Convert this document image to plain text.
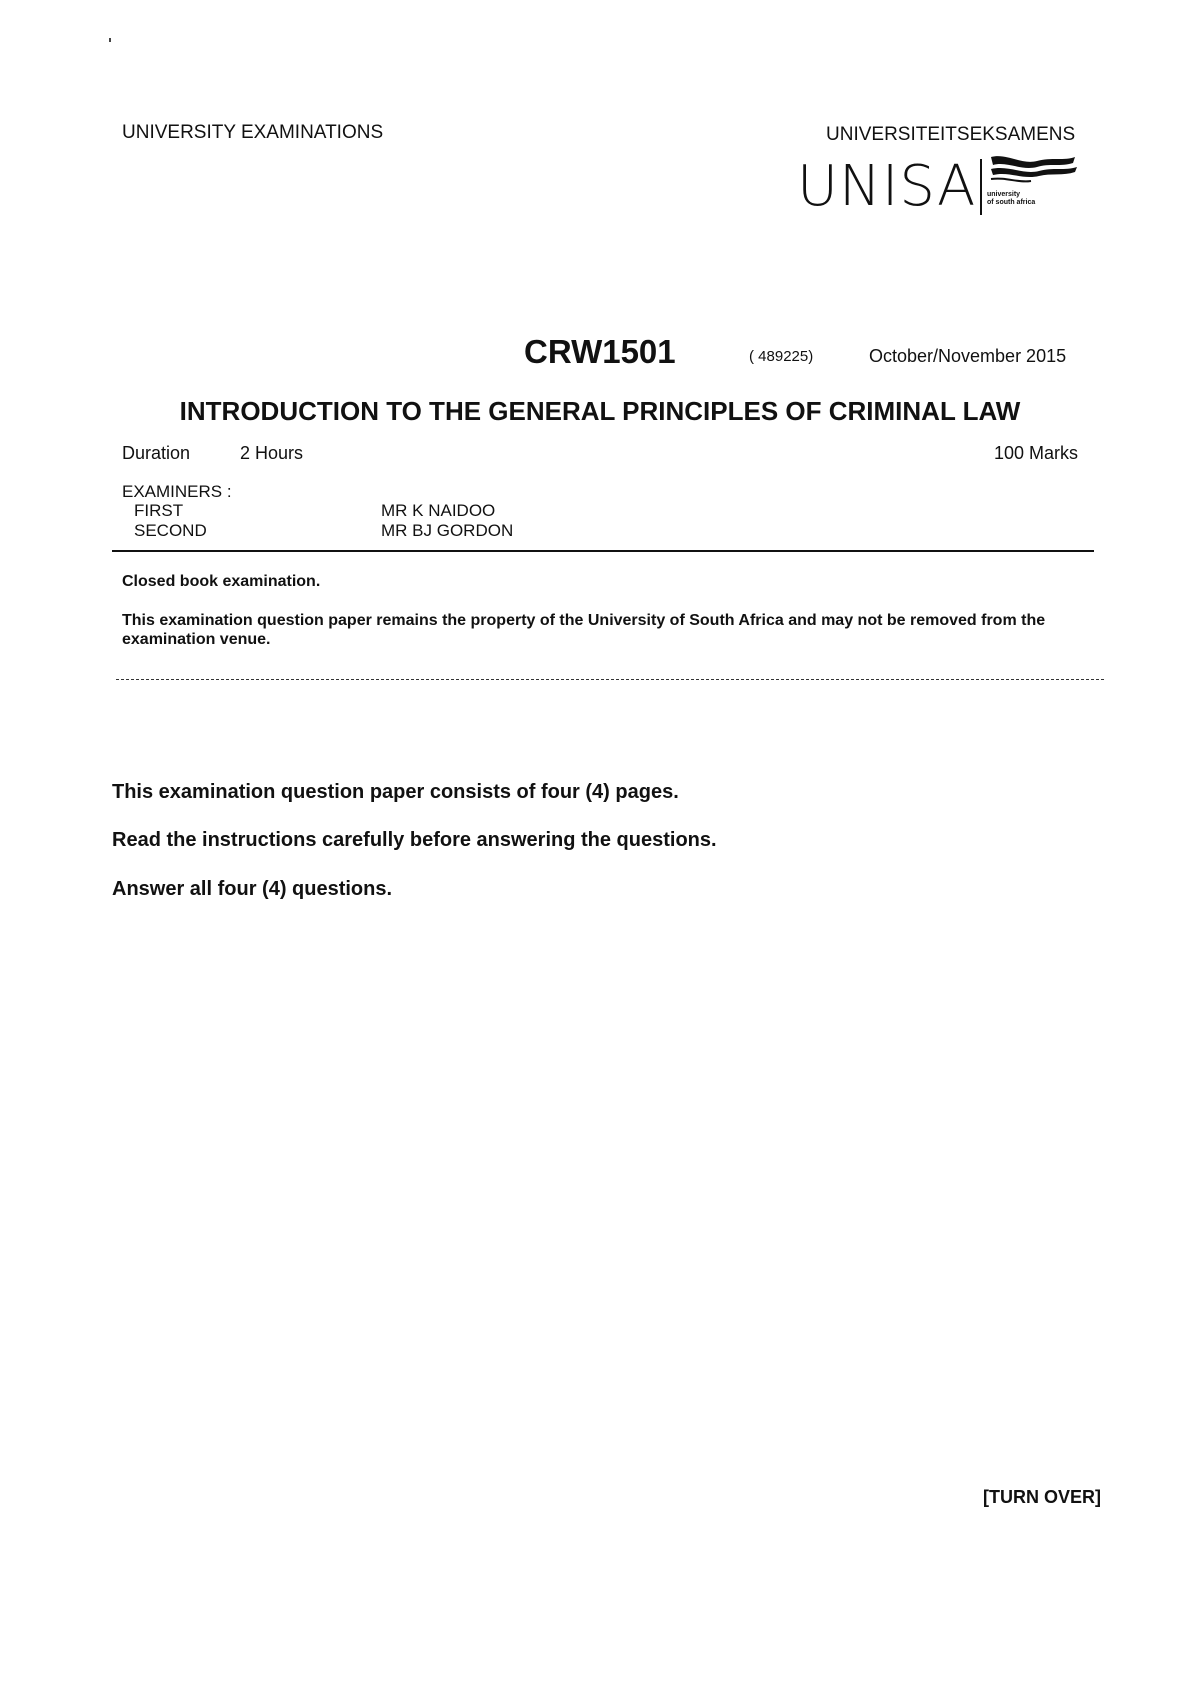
UNIVERSITY EXAMINATIONS	UNIVERSITEITSEKSAMENS
UNISA university
of south africa
CRW1501	( 489225)	October/November 2015
INTRODUCTION TO THE GENERAL PRINCIPLES OF CRIMINAL LAW
Duration	2 Hours	100 Marks
EXAMINERS :
FIRST	MR K NAIDOO
SECOND	MR BJ GORDON
Closed book examination.
This examination question paper remains the property of the University of South Africa and may not be removed from the examination venue.
This examination question paper consists of four (4) pages.
Read the instructions carefully before answering the questions.
Answer all four (4) questions.
[TURN OVER]
